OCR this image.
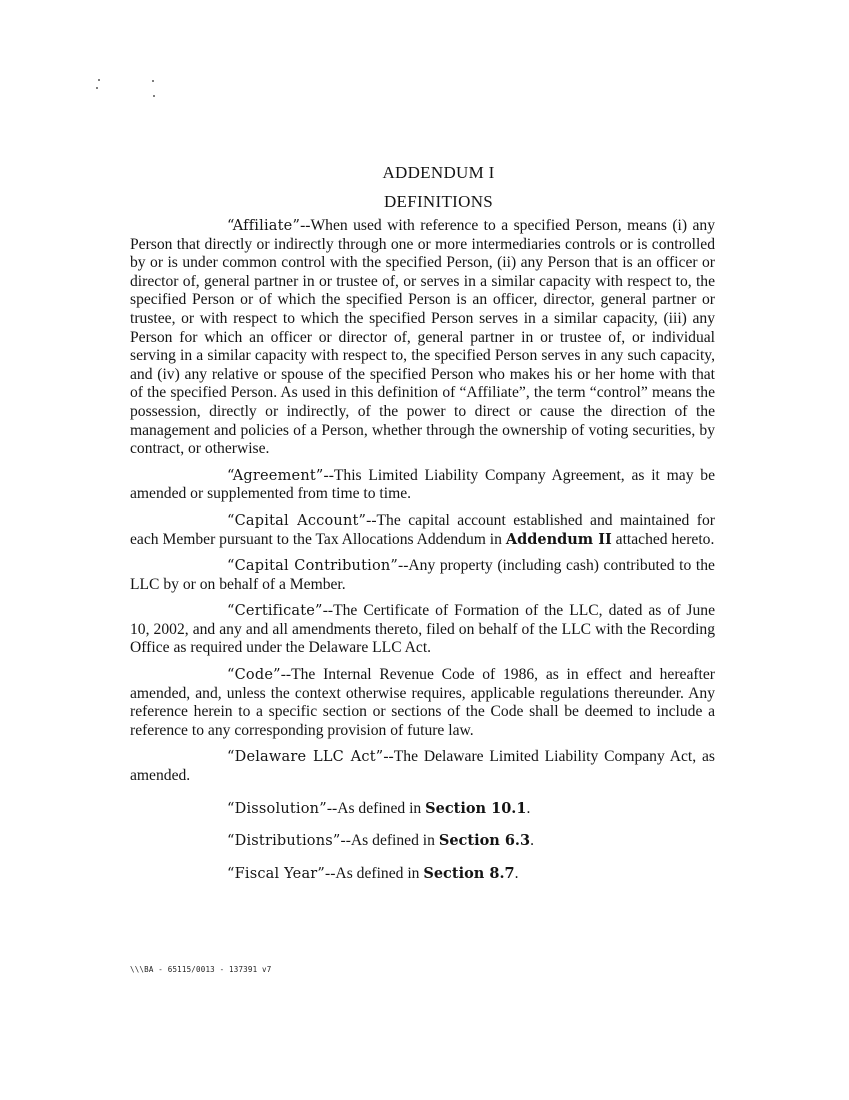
ADDENDUM I
DEFINITIONS

“Affiliate”--When used with reference to a specified Person, means (i) any Person that directly or indirectly through one or more intermediaries controls or is controlled by or is under common control with the specified Person, (ii) any Person that is an officer or director of, general partner in or trustee of, or serves in a similar capacity with respect to, the specified Person or of which the specified Person is an officer, director, general partner or trustee, or with respect to which the specified Person serves in a similar capacity, (iii) any Person for which an officer or director of, general partner in or trustee of, or individual serving in a similar capacity with respect to, the specified Person serves in any such capacity, and (iv) any relative or spouse of the specified Person who makes his or her home with that of the specified Person. As used in this definition of “Affiliate”, the term “control” means the possession, directly or indirectly, of the power to direct or cause the direction of the management and policies of a Person, whether through the ownership of voting securities, by contract, or otherwise.

“Agreement”--This Limited Liability Company Agreement, as it may be amended or supplemented from time to time.

“Capital Account”--The capital account established and maintained for each Member pursuant to the Tax Allocations Addendum in Addendum II attached hereto.

“Capital Contribution”--Any property (including cash) contributed to the LLC by or on behalf of a Member.

“Certificate”--The Certificate of Formation of the LLC, dated as of June 10, 2002, and any and all amendments thereto, filed on behalf of the LLC with the Recording Office as required under the Delaware LLC Act.

“Code”--The Internal Revenue Code of 1986, as in effect and hereafter amended, and, unless the context otherwise requires, applicable regulations thereunder. Any reference herein to a specific section or sections of the Code shall be deemed to include a reference to any corresponding provision of future law.

“Delaware LLC Act”--The Delaware Limited Liability Company Act, as amended.

“Dissolution”--As defined in Section 10.1.

“Distributions”--As defined in Section 6.3.

“Fiscal Year”--As defined in Section 8.7.

\\\BA - 65115/0013 - 137391 v7
